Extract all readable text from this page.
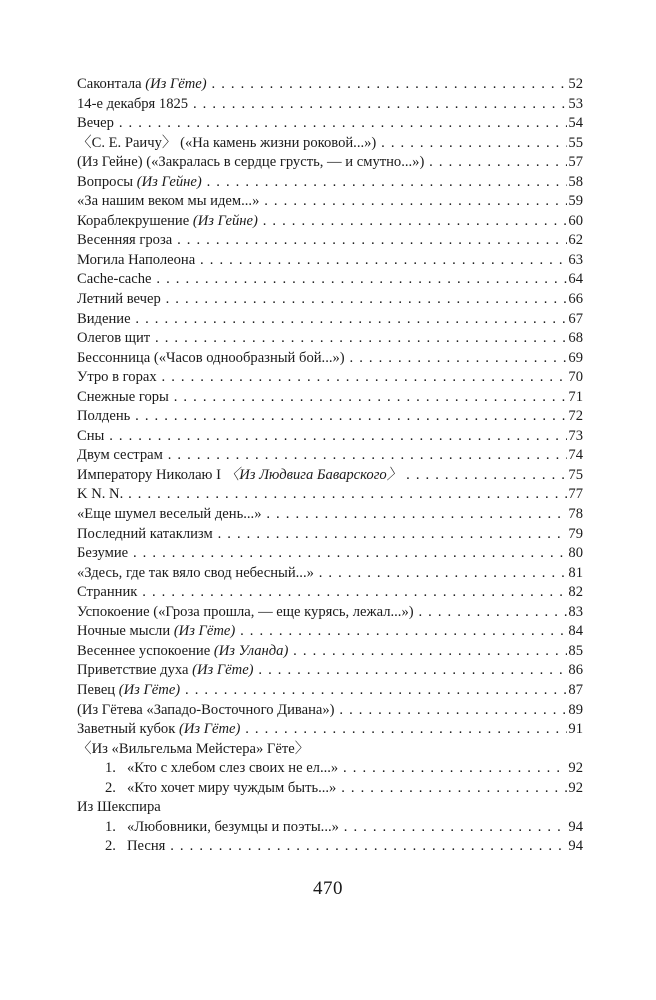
Саконтала (Из Гёте) . . .	52
14-е декабря 1825 . . .	53
Вечер . . .	54
〈С. Е. Раичу〉 («На камень жизни роковой...») . . .	55
(Из Гейне) («Закралась в сердце грусть, — и смутно...») . . .	57
Вопросы (Из Гейне) . . .	58
«За нашим веком мы идем...» . . .	59
Кораблекрушение (Из Гейне) . . .	60
Весенняя гроза . . .	62
Могила Наполеона . . .	63
Cache-cache . . .	64
Летний вечер . . .	66
Видение . . .	67
Олегов щит . . .	68
Бессонница («Часов однообразный бой...») . . .	69
Утро в горах . . .	70
Снежные горы . . .	71
Полдень . . .	72
Сны . . .	73
Двум сестрам . . .	74
Императору Николаю I 〈Из Людвига Баварского〉 . . .	75
K N. N. . . .	77
«Еще шумел веселый день...» . . .	78
Последний катаклизм . . .	79
Безумие . . .	80
«Здесь, где так вяло свод небесный...» . . .	81
Странник . . .	82
Успокоение («Гроза прошла, — еще курясь, лежал...») . . .	83
Ночные мысли (Из Гёте) . . .	84
Весеннее успокоение (Из Уланда) . . .	85
Приветствие духа (Из Гёте) . . .	86
Певец (Из Гёте) . . .	87
(Из Гётева «Западо-Восточного Дивана») . . .	89
Заветный кубок (Из Гёте) . . .	91
〈Из «Вильгельма Мейстера» Гёте〉
1. «Кто с хлебом слез своих не ел...» . . .	92
2. «Кто хочет миру чуждым быть...» . . .	92
Из Шекспира
1. «Любовники, безумцы и поэты...» . . .	94
2. Песня . . .	94
470
